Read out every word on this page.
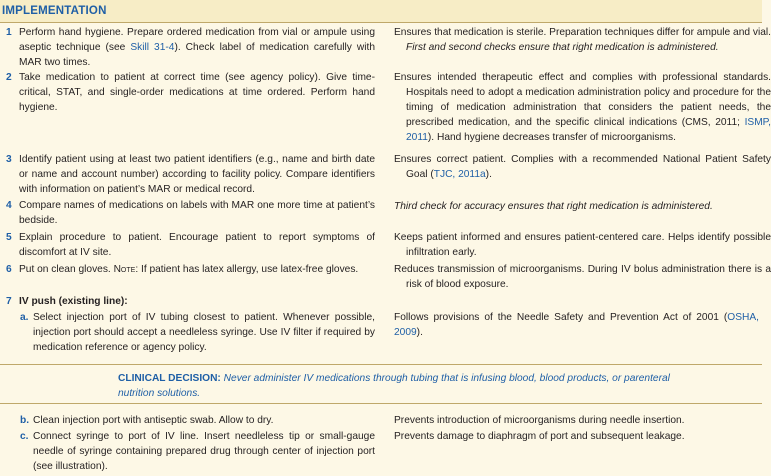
IMPLEMENTATION
1 Perform hand hygiene. Prepare ordered medication from vial or ampule using aseptic technique (see Skill 31-4). Check label of medication carefully with MAR two times.
Ensures that medication is sterile. Preparation techniques differ for ampule and vial. First and second checks ensure that right medication is administered.
2 Take medication to patient at correct time (see agency policy). Give time-critical, STAT, and single-order medications at time ordered. Perform hand hygiene.
Ensures intended therapeutic effect and complies with professional standards. Hospitals need to adopt a medication administration policy and procedure for the timing of medication administration that considers the patient needs, the prescribed medication, and the specific clinical indications (CMS, 2011; ISMP, 2011). Hand hygiene decreases transfer of microorganisms.
3 Identify patient using at least two patient identifiers (e.g., name and birth date or name and account number) according to facility policy. Compare identifiers with information on patient’s MAR or medical record.
Ensures correct patient. Complies with a recommended National Patient Safety Goal (TJC, 2011a).
4 Compare names of medications on labels with MAR one more time at patient’s bedside.
Third check for accuracy ensures that right medication is administered.
5 Explain procedure to patient. Encourage patient to report symptoms of discomfort at IV site.
Keeps patient informed and ensures patient-centered care. Helps identify possible infiltration early.
6 Put on clean gloves. Note: If patient has latex allergy, use latex-free gloves.	Reduces transmission of microorganisms. During IV bolus administration there is a risk of blood exposure.
7 IV push (existing line):
a. Select injection port of IV tubing closest to patient. Whenever possible, injection port should accept a needleless syringe. Use IV filter if required by medication reference or agency policy.
Follows provisions of the Needle Safety and Prevention Act of 2001 (OSHA, 2009).
CLINICAL DECISION: Never administer IV medications through tubing that is infusing blood, blood products, or parenteral nutrition solutions.
b. Clean injection port with antiseptic swab. Allow to dry.	Prevents introduction of microorganisms during needle insertion.
c. Connect syringe to port of IV line. Insert needleless tip or small-gauge needle of syringe containing prepared drug through center of injection port (see illustration).
Prevents damage to diaphragm of port and subsequent leakage.
